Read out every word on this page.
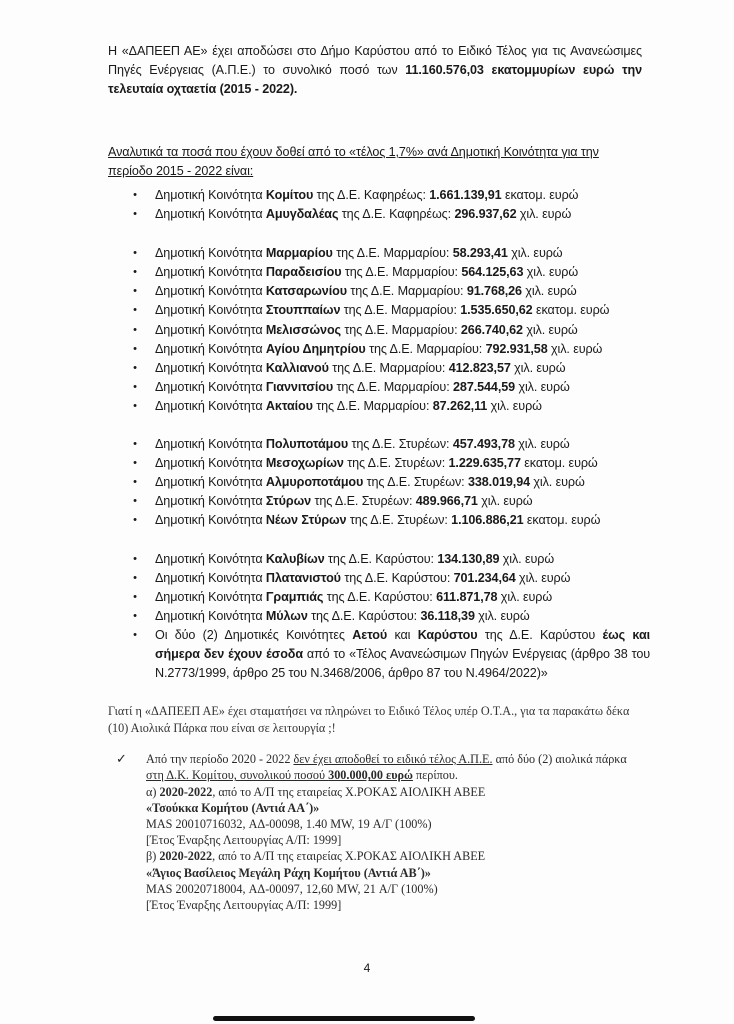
Η «ΔΑΠΕΕΠ ΑΕ» έχει αποδώσει στο Δήμο Καρύστου από το Ειδικό Τέλος για τις Ανανεώσιμες Πηγές Ενέργειας (Α.Π.Ε.) το συνολικό ποσό των 11.160.576,03 εκατομμυρίων ευρώ την τελευταία οχταετία (2015 - 2022).

Αναλυτικά τα ποσά που έχουν δοθεί από το «τέλος 1,7%» ανά Δημοτική Κοινότητα για την περίοδο 2015 - 2022 είναι:

• Δημοτική Κοινότητα Κομίτου της Δ.Ε. Καφηρέως: 1.661.139,91 εκατομ. ευρώ
• Δημοτική Κοινότητα Αμυγδαλέας της Δ.Ε. Καφηρέως: 296.937,62 χιλ. ευρώ
• Δημοτική Κοινότητα Μαρμαρίου της Δ.Ε. Μαρμαρίου: 58.293,41 χιλ. ευρώ
• Δημοτική Κοινότητα Παραδεισίου της Δ.Ε. Μαρμαρίου: 564.125,63 χιλ. ευρώ
• Δημοτική Κοινότητα Κατσαρωνίου της Δ.Ε. Μαρμαρίου: 91.768,26 χιλ. ευρώ
• Δημοτική Κοινότητα Στουππαίων της Δ.Ε. Μαρμαρίου: 1.535.650,62 εκατομ. ευρώ
• Δημοτική Κοινότητα Μελισσώνος της Δ.Ε. Μαρμαρίου: 266.740,62 χιλ. ευρώ
• Δημοτική Κοινότητα Αγίου Δημητρίου της Δ.Ε. Μαρμαρίου: 792.931,58 χιλ. ευρώ
• Δημοτική Κοινότητα Καλλιανού της Δ.Ε. Μαρμαρίου: 412.823,57 χιλ. ευρώ
• Δημοτική Κοινότητα Γιαννιτσίου της Δ.Ε. Μαρμαρίου: 287.544,59 χιλ. ευρώ
• Δημοτική Κοινότητα Ακταίου της Δ.Ε. Μαρμαρίου: 87.262,11 χιλ. ευρώ
• Δημοτική Κοινότητα Πολυποτάμου της Δ.Ε. Στυρέων: 457.493,78 χιλ. ευρώ
• Δημοτική Κοινότητα Μεσοχωρίων της Δ.Ε. Στυρέων: 1.229.635,77 εκατομ. ευρώ
• Δημοτική Κοινότητα Αλμυροποτάμου της Δ.Ε. Στυρέων: 338.019,94 χιλ. ευρώ
• Δημοτική Κοινότητα Στύρων της Δ.Ε. Στυρέων: 489.966,71 χιλ. ευρώ
• Δημοτική Κοινότητα Νέων Στύρων της Δ.Ε. Στυρέων: 1.106.886,21 εκατομ. ευρώ
• Δημοτική Κοινότητα Καλυβίων της Δ.Ε. Καρύστου: 134.130,89 χιλ. ευρώ
• Δημοτική Κοινότητα Πλατανιστού της Δ.Ε. Καρύστου: 701.234,64 χιλ. ευρώ
• Δημοτική Κοινότητα Γραμπιάς της Δ.Ε. Καρύστου: 611.871,78 χιλ. ευρώ
• Δημοτική Κοινότητα Μύλων της Δ.Ε. Καρύστου: 36.118,39 χιλ. ευρώ
• Οι δύο (2) Δημοτικές Κοινότητες Αετού και Καρύστου της Δ.Ε. Καρύστου έως και σήμερα δεν έχουν έσοδα από το «Τέλος Ανανεώσιμων Πηγών Ενέργειας (άρθρο 38 του Ν.2773/1999, άρθρο 25 του Ν.3468/2006, άρθρο 87 του Ν.4964/2022)»

Γιατί η «ΔΑΠΕΕΠ ΑΕ» έχει σταματήσει να πληρώνει το Ειδικό Τέλος υπέρ Ο.Τ.Α., για τα παρακάτω δέκα (10) Αιολικά Πάρκα που είναι σε λειτουργία ;!

✓ Από την περίοδο 2020 - 2022 δεν έχει αποδοθεί το ειδικό τέλος Α.Π.Ε. από δύο (2) αιολικά πάρκα στη Δ.Κ. Κομίτου, συνολικού ποσού 300.000,00 ευρώ περίπου.
α) 2020-2022, από το Α/Π της εταιρείας Χ.ΡΟΚΑΣ ΑΙΟΛΙΚΗ ΑΒΕΕ
«Τσούκκα Κομήτου (Αντιά ΑΑ΄)»
MAS 20010716032, ΑΔ-00098, 1.40 MW, 19 Α/Γ (100%)
[Έτος Έναρξης Λειτουργίας Α/Π: 1999]
β) 2020-2022, από το Α/Π της εταιρείας Χ.ΡΟΚΑΣ ΑΙΟΛΙΚΗ ΑΒΕΕ
«Άγιος Βασίλειος Μεγάλη Ράχη Κομήτου (Αντιά ΑΒ΄)»
MAS 20020718004, ΑΔ-00097, 12,60 MW, 21 Α/Γ (100%)
[Έτος Έναρξης Λειτουργίας Α/Π: 1999]
4
